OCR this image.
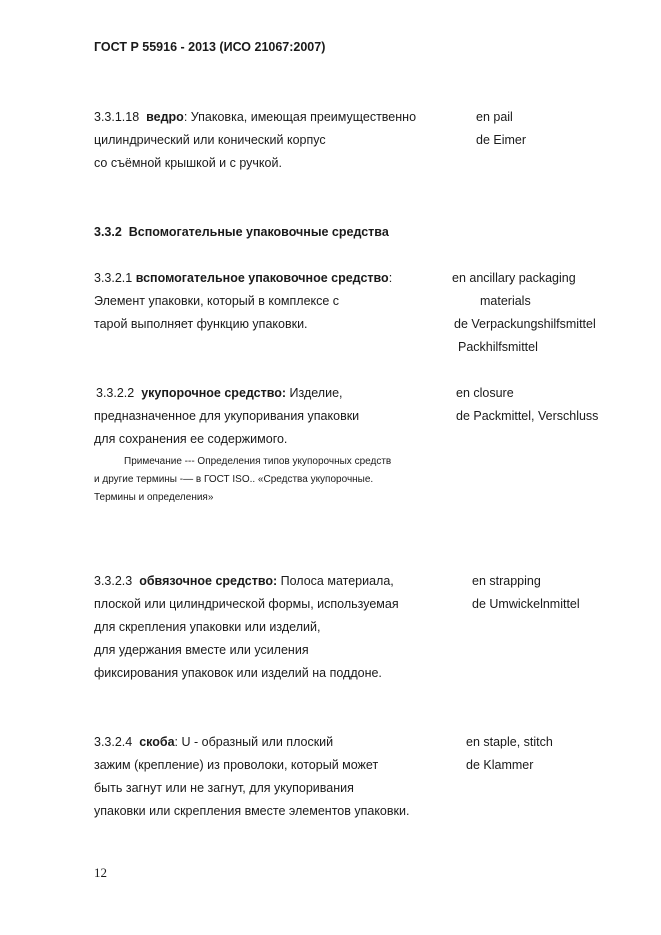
ГОСТ Р 55916 - 2013 (ИСО 21067:2007)
3.3.1.18 ведро: Упаковка, имеющая преимущественно
цилиндрический или конический корпус
со съёмной крышкой и с ручкой.
en pail
de Eimer
3.3.2 Вспомогательные упаковочные средства
3.3.2.1 вспомогательное упаковочное средство:
Элемент упаковки, который в комплексе с
тарой выполняет функцию упаковки.
en ancillary packaging
materials
de Verpackungshilfsmittel
Packhilfsmittel
3.3.2.2 укупорочное средство: Изделие,
предназначенное для укупоривания упаковки
для сохранения ее содержимого.
en closure
de Packmittel, Verschluss
Примечание --- Определения типов укупорочных средств
и другие термины -— в ГОСТ ISO.. «Средства укупорочные.
Термины и определения»
3.3.2.3 обвязочное средство: Полоса материала,
плоской или цилиндрической формы, используемая
для скрепления упаковки или изделий,
для удержания вместе или усиления
фиксирования упаковок или изделий на поддоне.
en strapping
de Umwickelnmittel
3.3.2.4 скоба: U - образный или плоский
зажим (крепление) из проволоки, который может
быть загнут или не загнут, для укупоривания
упаковки или скрепления вместе элементов упаковки.
en staple, stitch
de Klammer
12
